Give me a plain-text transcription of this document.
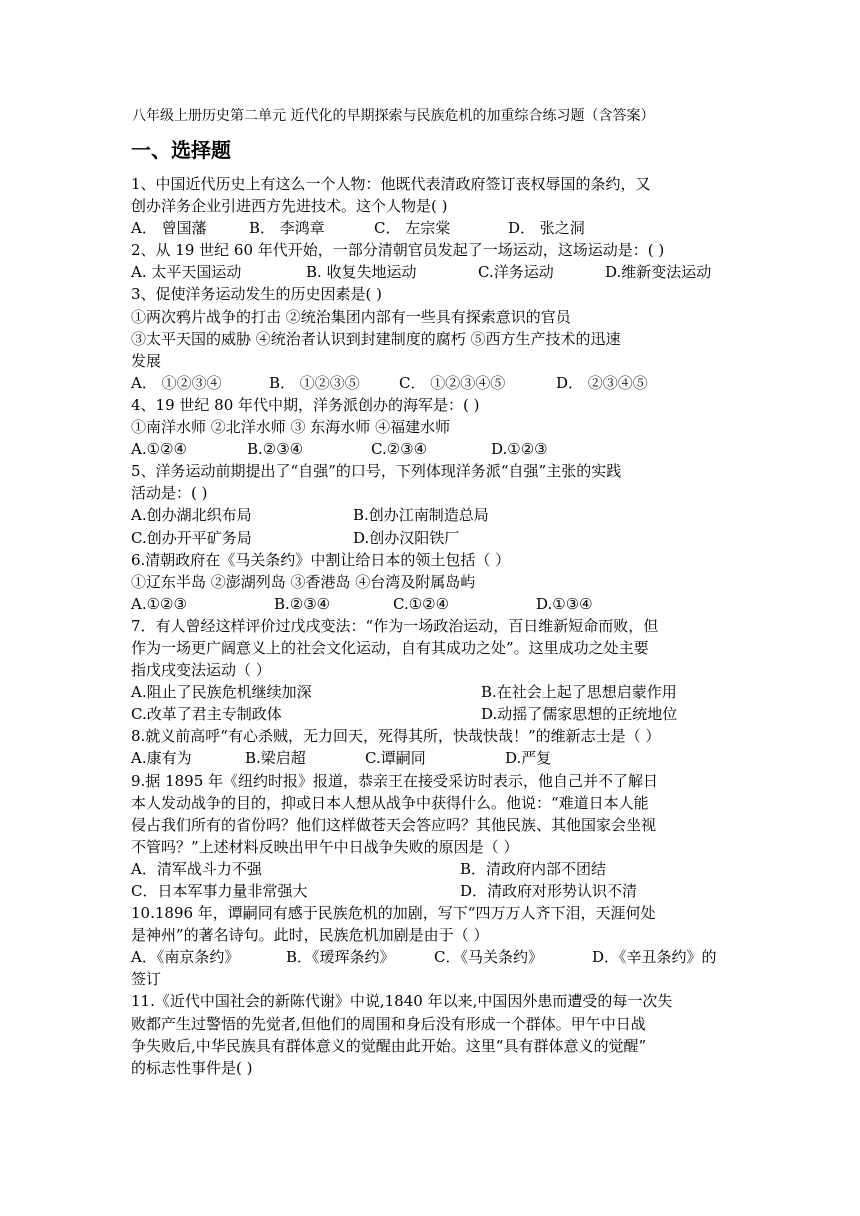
八年级上册历史第二单元 近代化的早期探索与民族危机的加重综合练习题（含答案）
一、选择题
1、中国近代历史上有这么一个人物：他既代表清政府签订丧权辱国的条约，又
创办洋务企业引进西方先进技术。这个人物是( )
A． 曾国藩	B． 李鸿章	C． 左宗棠	D． 张之洞
2、从 19 世纪 60 年代开始，一部分清朝官员发起了一场运动，这场运动是：( )
A. 太平天国运动	B. 收复失地运动	C.洋务运动	D.维新变法运动
3、促使洋务运动发生的历史因素是( )
①两次鸦片战争的打击 ②统治集团内部有一些具有探索意识的官员
③太平天国的威胁 ④统治者认识到封建制度的腐朽 ⑤西方生产技术的迅速
发展
A． ①②③④	B． ①②③⑤	C． ①②③④⑤	D． ②③④⑤
4、19 世纪 80 年代中期，洋务派创办的海军是：( )
①南洋水师 ②北洋水师 ③ 东海水师 ④福建水师
A.①②④	B.②③④	C.②③④	D.①②③
5、洋务运动前期提出了“自强”的口号，下列体现洋务派“自强”主张的实践
活动是：( )
A.创办湖北织布局	B.创办江南制造总局
C.创办开平矿务局	D.创办汉阳铁厂
6.清朝政府在《马关条约》中割让给日本的领土包括（ ）
①辽东半岛 ②澎湖列岛 ③香港岛 ④台湾及附属岛屿
A.①②③	B.②③④	C.①②④	D.①③④
7．有人曾经这样评价过戊戌变法：“作为一场政治运动，百日维新短命而败，但
作为一场更广阔意义上的社会文化运动，自有其成功之处”。这里成功之处主要
指戊戌变法运动（ ）
A.阻止了民族危机继续加深	B.在社会上起了思想启蒙作用
C.改革了君主专制政体	D.动摇了儒家思想的正统地位
8.就义前高呼“有心杀贼，无力回天，死得其所，快哉快哉！”的维新志士是（ ）
A.康有为	B.梁启超	C.谭嗣同	D.严复
9.据 1895 年《纽约时报》报道，恭亲王在接受采访时表示，他自己并不了解日
本人发动战争的目的，抑或日本人想从战争中获得什么。他说：“难道日本人能
侵占我们所有的省份吗？他们这样做苍天会答应吗？其他民族、其他国家会坐视
不管吗？”上述材料反映出甲午中日战争失败的原因是（ ）
A．清军战斗力不强	B．清政府内部不团结
C．日本军事力量非常强大	D．清政府对形势认识不清
10.1896 年，谭嗣同有感于民族危机的加剧，写下“四万万人齐下泪，天涯何处
是神州”的著名诗句。此时，民族危机加剧是由于（ ）
A．《南京条约》	B．《瑷珲条约》	C．《马关条约》	D．《辛丑条约》的
签订
11.《近代中国社会的新陈代谢》中说,1840 年以来,中国因外患而遭受的每一次失
败都产生过警悟的先觉者,但他们的周围和身后没有形成一个群体。甲午中日战
争失败后,中华民族具有群体意义的觉醒由此开始。这里“具有群体意义的觉醒”
的标志性事件是( )
